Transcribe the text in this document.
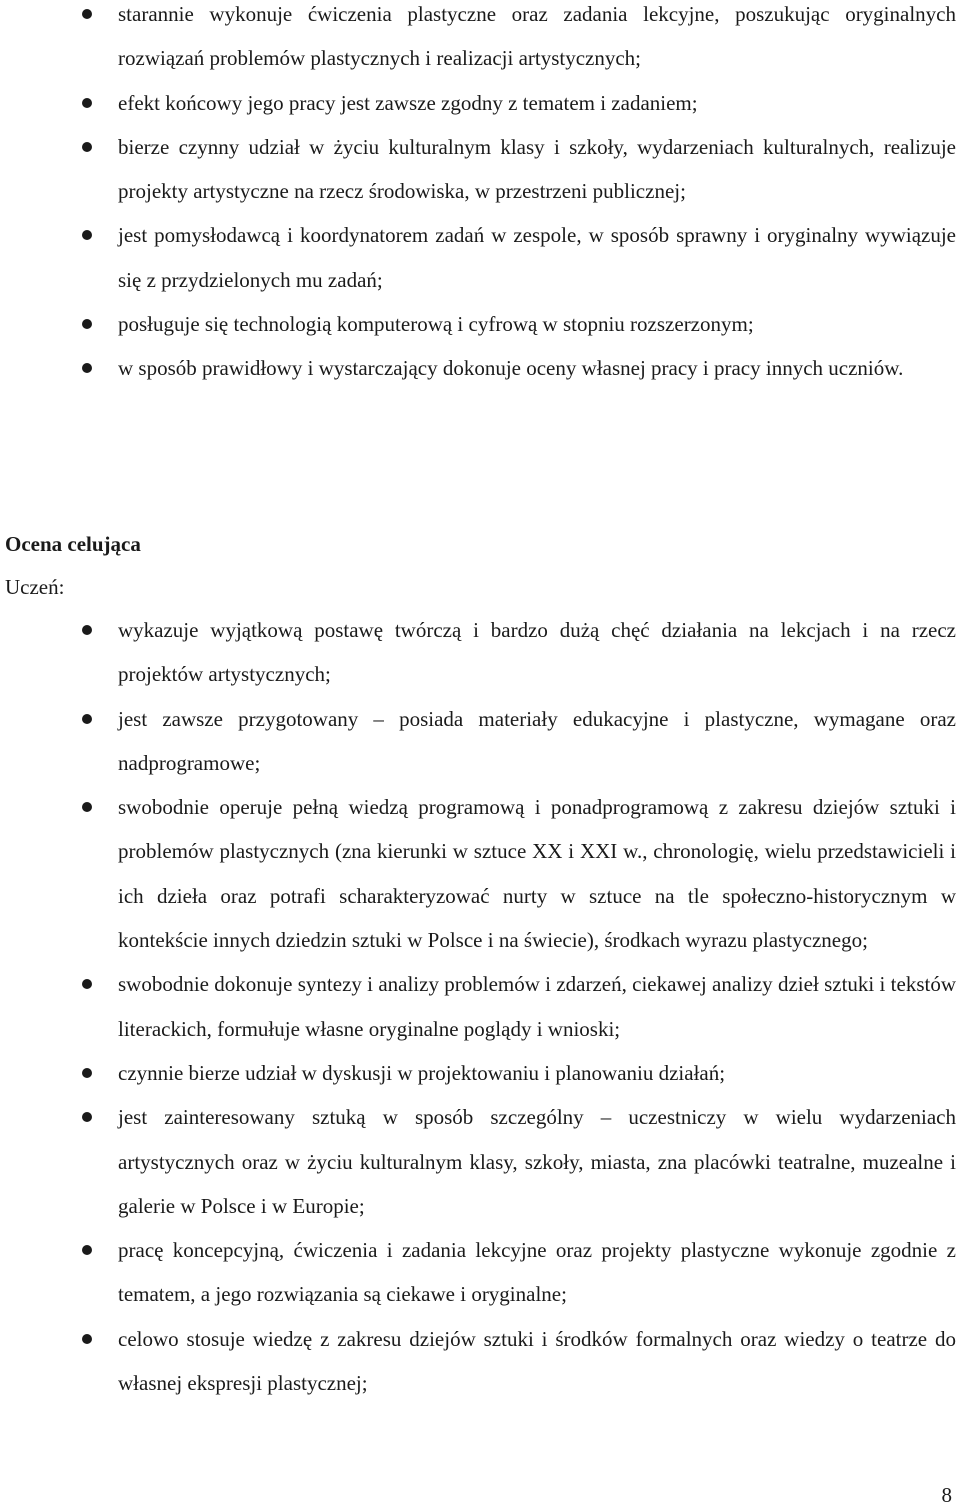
starannie wykonuje ćwiczenia plastyczne oraz zadania lekcyjne, poszukując oryginalnych rozwiązań problemów plastycznych i realizacji artystycznych;
efekt końcowy jego pracy jest zawsze zgodny z tematem i zadaniem;
bierze czynny udział w życiu kulturalnym klasy i szkoły, wydarzeniach kulturalnych, realizuje projekty artystyczne na rzecz środowiska, w przestrzeni publicznej;
jest pomysłodawcą i koordynatorem zadań w zespole, w sposób sprawny i oryginalny wywiązuje się z przydzielonych mu zadań;
posługuje się technologią komputerową i cyfrową w stopniu rozszerzonym;
w sposób prawidłowy i wystarczający dokonuje oceny własnej pracy i pracy innych uczniów.
Ocena celująca

Uczeń:

wykazuje wyjątkową postawę twórczą i bardzo dużą chęć działania na lekcjach i na rzecz projektów artystycznych;
jest zawsze przygotowany – posiada materiały edukacyjne i plastyczne, wymagane oraz nadprogramowe;
swobodnie operuje pełną wiedzą programową i ponadprogramową z zakresu dziejów sztuki i problemów plastycznych (zna kierunki w sztuce XX i XXI w., chronologię, wielu przedstawicieli i ich dzieła oraz potrafi scharakteryzować nurty w sztuce na tle społeczno-historycznym w kontekście innych dziedzin sztuki w Polsce i na świecie), środkach wyrazu plastycznego;
swobodnie dokonuje syntezy i analizy problemów i zdarzeń, ciekawej analizy dzieł sztuki i tekstów literackich, formułuje własne oryginalne poglądy i wnioski;
czynnie bierze udział w dyskusji w projektowaniu i planowaniu działań;
jest zainteresowany sztuką w sposób szczególny – uczestniczy w wielu wydarzeniach artystycznych oraz w życiu kulturalnym klasy, szkoły, miasta, zna placówki teatralne, muzealne i galerie w Polsce i w Europie;
pracę koncepcyjną, ćwiczenia i zadania lekcyjne oraz projekty plastyczne wykonuje zgodnie z tematem, a jego rozwiązania są ciekawe i oryginalne;
celowo stosuje wiedzę z zakresu dziejów sztuki i środków formalnych oraz wiedzy o teatrze do własnej ekspresji plastycznej;
8
